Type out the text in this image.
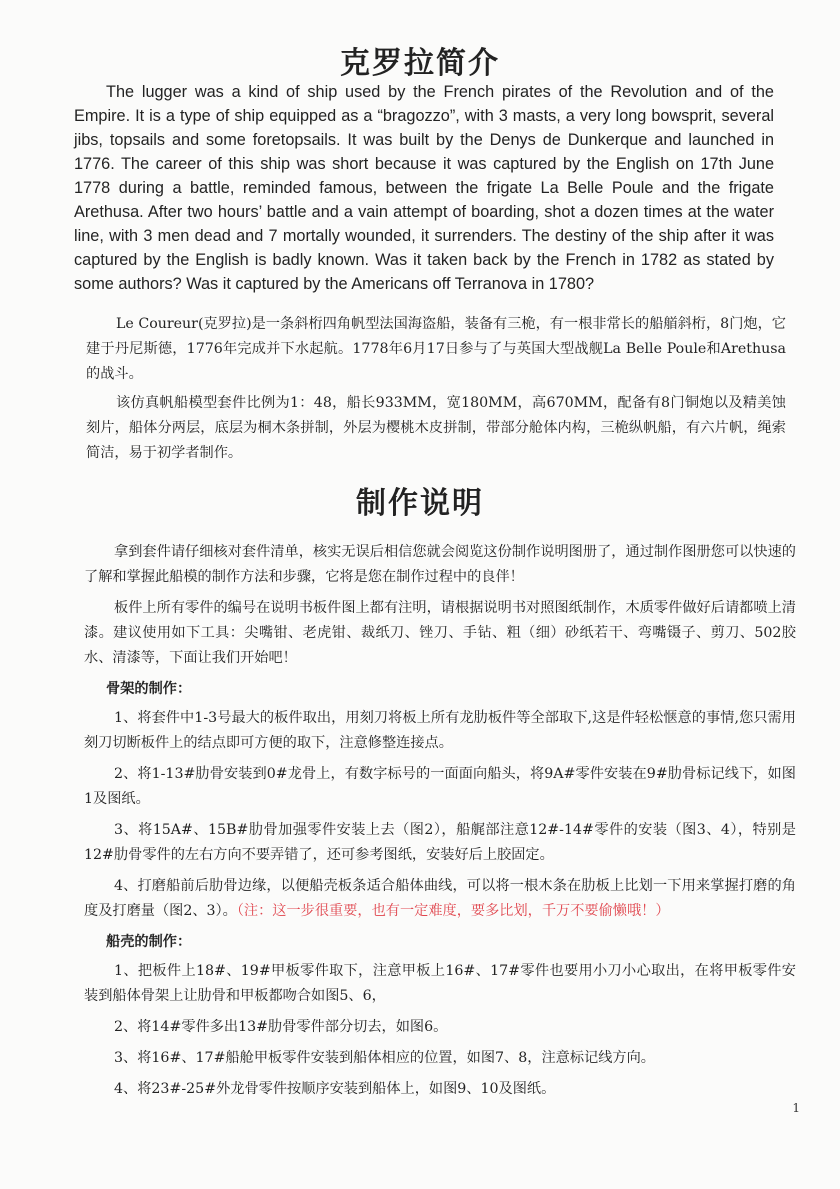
克罗拉简介

The lugger was a kind of ship used by the French pirates of the Revolution and of the Empire. It is a type of ship equipped as a “bragozzo”, with 3 masts, a very long bowsprit, several jibs, topsails and some foretopsails. It was built by the Denys de Dunkerque and launched in 1776. The career of this ship was short because it was captured by the English on 17th June 1778 during a battle, reminded famous, between the frigate La Belle Poule and the frigate Arethusa. After two hours’ battle and a vain attempt of boarding, shot a dozen times at the water line, with 3 men dead and 7 mortally wounded, it surrenders. The destiny of the ship after it was captured by the English is badly known. Was it taken back by the French in 1782 as stated by some authors? Was it captured by the Americans off Terranova in 1780?

Le Coureur(克罗拉)是一条斜桁四角帆型法国海盗船，装备有三桅，有一根非常长的船艏斜桁，8门炮，它建于丹尼斯德，1776年完成并下水起航。1778年6月17日参与了与英国大型战舰La Belle Poule和Arethusa的战斗。

该仿真帆船模型套件比例为1：48，船长933MM，宽180MM，高670MM，配备有8门铜炮以及精美蚀刻片，船体分两层，底层为桐木条拼制，外层为樱桃木皮拼制，带部分舱体内构，三桅纵帆船，有六片帆，绳索简洁，易于初学者制作。

制作说明

拿到套件请仔细核对套件清单，核实无误后相信您就会阅览这份制作说明图册了，通过制作图册您可以快速的了解和掌握此船模的制作方法和步骤，它将是您在制作过程中的良伴！

板件上所有零件的编号在说明书板件图上都有注明，请根据说明书对照图纸制作，木质零件做好后请都喷上清漆。建议使用如下工具：尖嘴钳、老虎钳、裁纸刀、锉刀、手钻、粗（细）砂纸若干、弯嘴镊子、剪刀、502胶水、清漆等，下面让我们开始吧！

骨架的制作：

1、将套件中1-3号最大的板件取出，用刻刀将板上所有龙肋板件等全部取下,这是件轻松惬意的事情,您只需用刻刀切断板件上的结点即可方便的取下，注意修整连接点。

2、将1-13#肋骨安装到0#龙骨上，有数字标号的一面面向船头，将9A#零件安装在9#肋骨标记线下，如图1及图纸。

3、将15A#、15B#肋骨加强零件安装上去（图2），船艉部注意12#-14#零件的安装（图3、4），特别是12#肋骨零件的左右方向不要弄错了，还可参考图纸，安装好后上胶固定。

4、打磨船前后肋骨边缘，以便船壳板条适合船体曲线，可以将一根木条在肋板上比划一下用来掌握打磨的角度及打磨量（图2、3）。（注：这一步很重要，也有一定难度，要多比划，千万不要偷懒哦！）

船壳的制作：

1、把板件上18#、19#甲板零件取下，注意甲板上16#、17#零件也要用小刀小心取出，在将甲板零件安装到船体骨架上让肋骨和甲板都吻合如图5、6，

2、将14#零件多出13#肋骨零件部分切去，如图6。

3、将16#、17#船舱甲板零件安装到船体相应的位置，如图7、8，注意标记线方向。

4、将23#-25#外龙骨零件按顺序安装到船体上，如图9、10及图纸。

1
